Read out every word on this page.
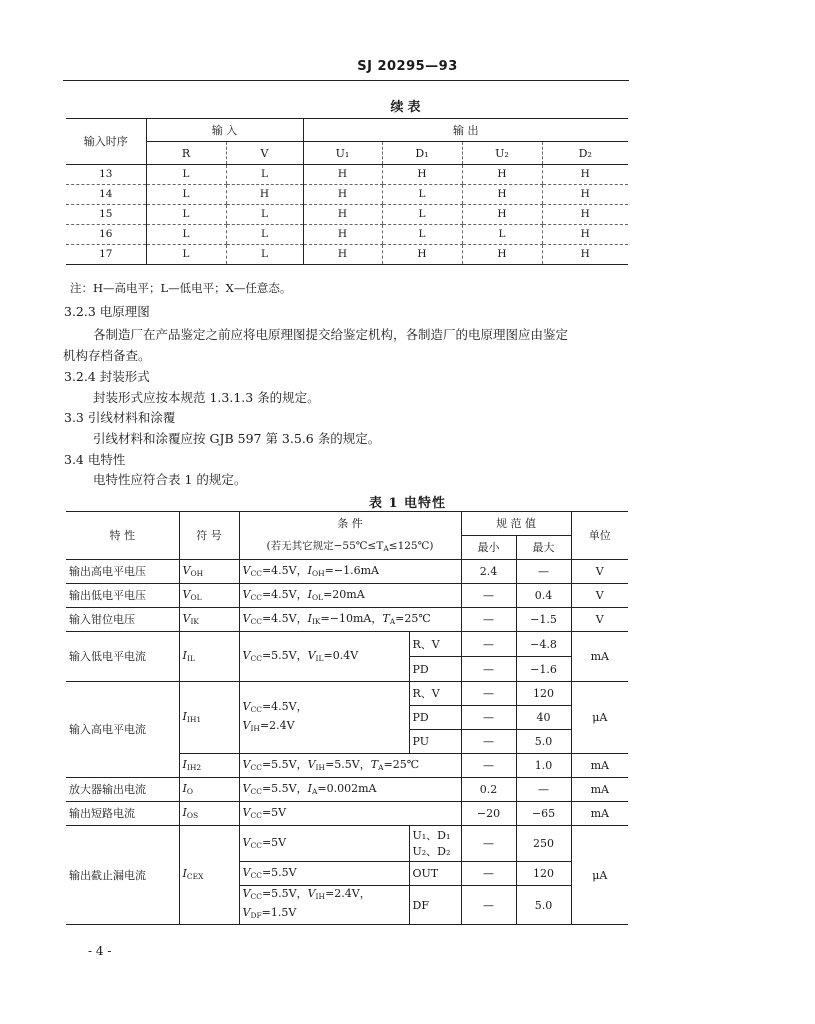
SJ 20295—93
续表
输入时序	输 入		输 出			
	R	V	U₁	D₁	U₂	D₂
13	L	L	H	H	H	H
14	L	H	H	L	H	H
15	L	L	H	L	H	H
16	L	L	H	L	L	H
17	L	L	H	H	H	H
注：H—高电平；L—低电平；X—任意态。
3.2.3 电原理图
各制造厂在产品鉴定之前应将电原理图提交给鉴定机构，各制造厂的电原理图应由鉴定
机构存档备查。
3.2.4 封装形式
封装形式应按本规范 1.3.1.3 条的规定。
3.3 引线材料和涂覆
引线材料和涂覆应按 GJB 597 第 3.5.6 条的规定。
3.4 电特性
电特性应符合表 1 的规定。
表 1 电特性
特 性	符 号	条 件		规 范 值		单位
		(若无其它规定$-55℃\le T_A\le 125℃$)		最小	最大	
输出高电平电压	$V_{OH}$	$V_{CC}=4.5V$，$I_{OH}=-1.6mA$		2.4	—	V
输出低电平电压	$V_{OL}$	$V_{CC}=4.5V$，$I_{OL}=20mA$		—	0.4	V
输入钳位电压	$V_{IK}$	$V_{CC}=4.5V$，$I_{IK}=-10mA$，$T_A=25℃$		—	−1.5	V
输入低电平电流	$I_{IL}$	$V_{CC}=5.5V$，$V_{IL}=0.4V$	R、V	—	−4.8	mA
			PD	—	−1.6	
输入高电平电流	$I_{IH1}$	$V_{CC}=4.5V$，
$V_{IH}=2.4V$	R、V	—	120	μA
			PD	—	40	
			PU	—	5.0	
	$I_{IH2}$	$V_{CC}=5.5V$，$V_{IH}=5.5V$，$T_A=25℃$		—	1.0	mA
放大器输出电流	$I_O$	$V_{CC}=5.5V$，$I_A=0.002mA$		0.2	—	mA
输出短路电流	$I_{OS}$	$V_{CC}=5V$		−20	−65	mA
输出截止漏电流	$I_{CEX}$	$V_{CC}=5V$	U₁、D₁
U₂、D₂	—	250	μA
		$V_{CC}=5.5V$	OUT	—	120	
		$V_{CC}=5.5V$，$V_{IH}=2.4V$，
$V_{DF}=1.5V$	DF	—	5.0	
- 4 -
